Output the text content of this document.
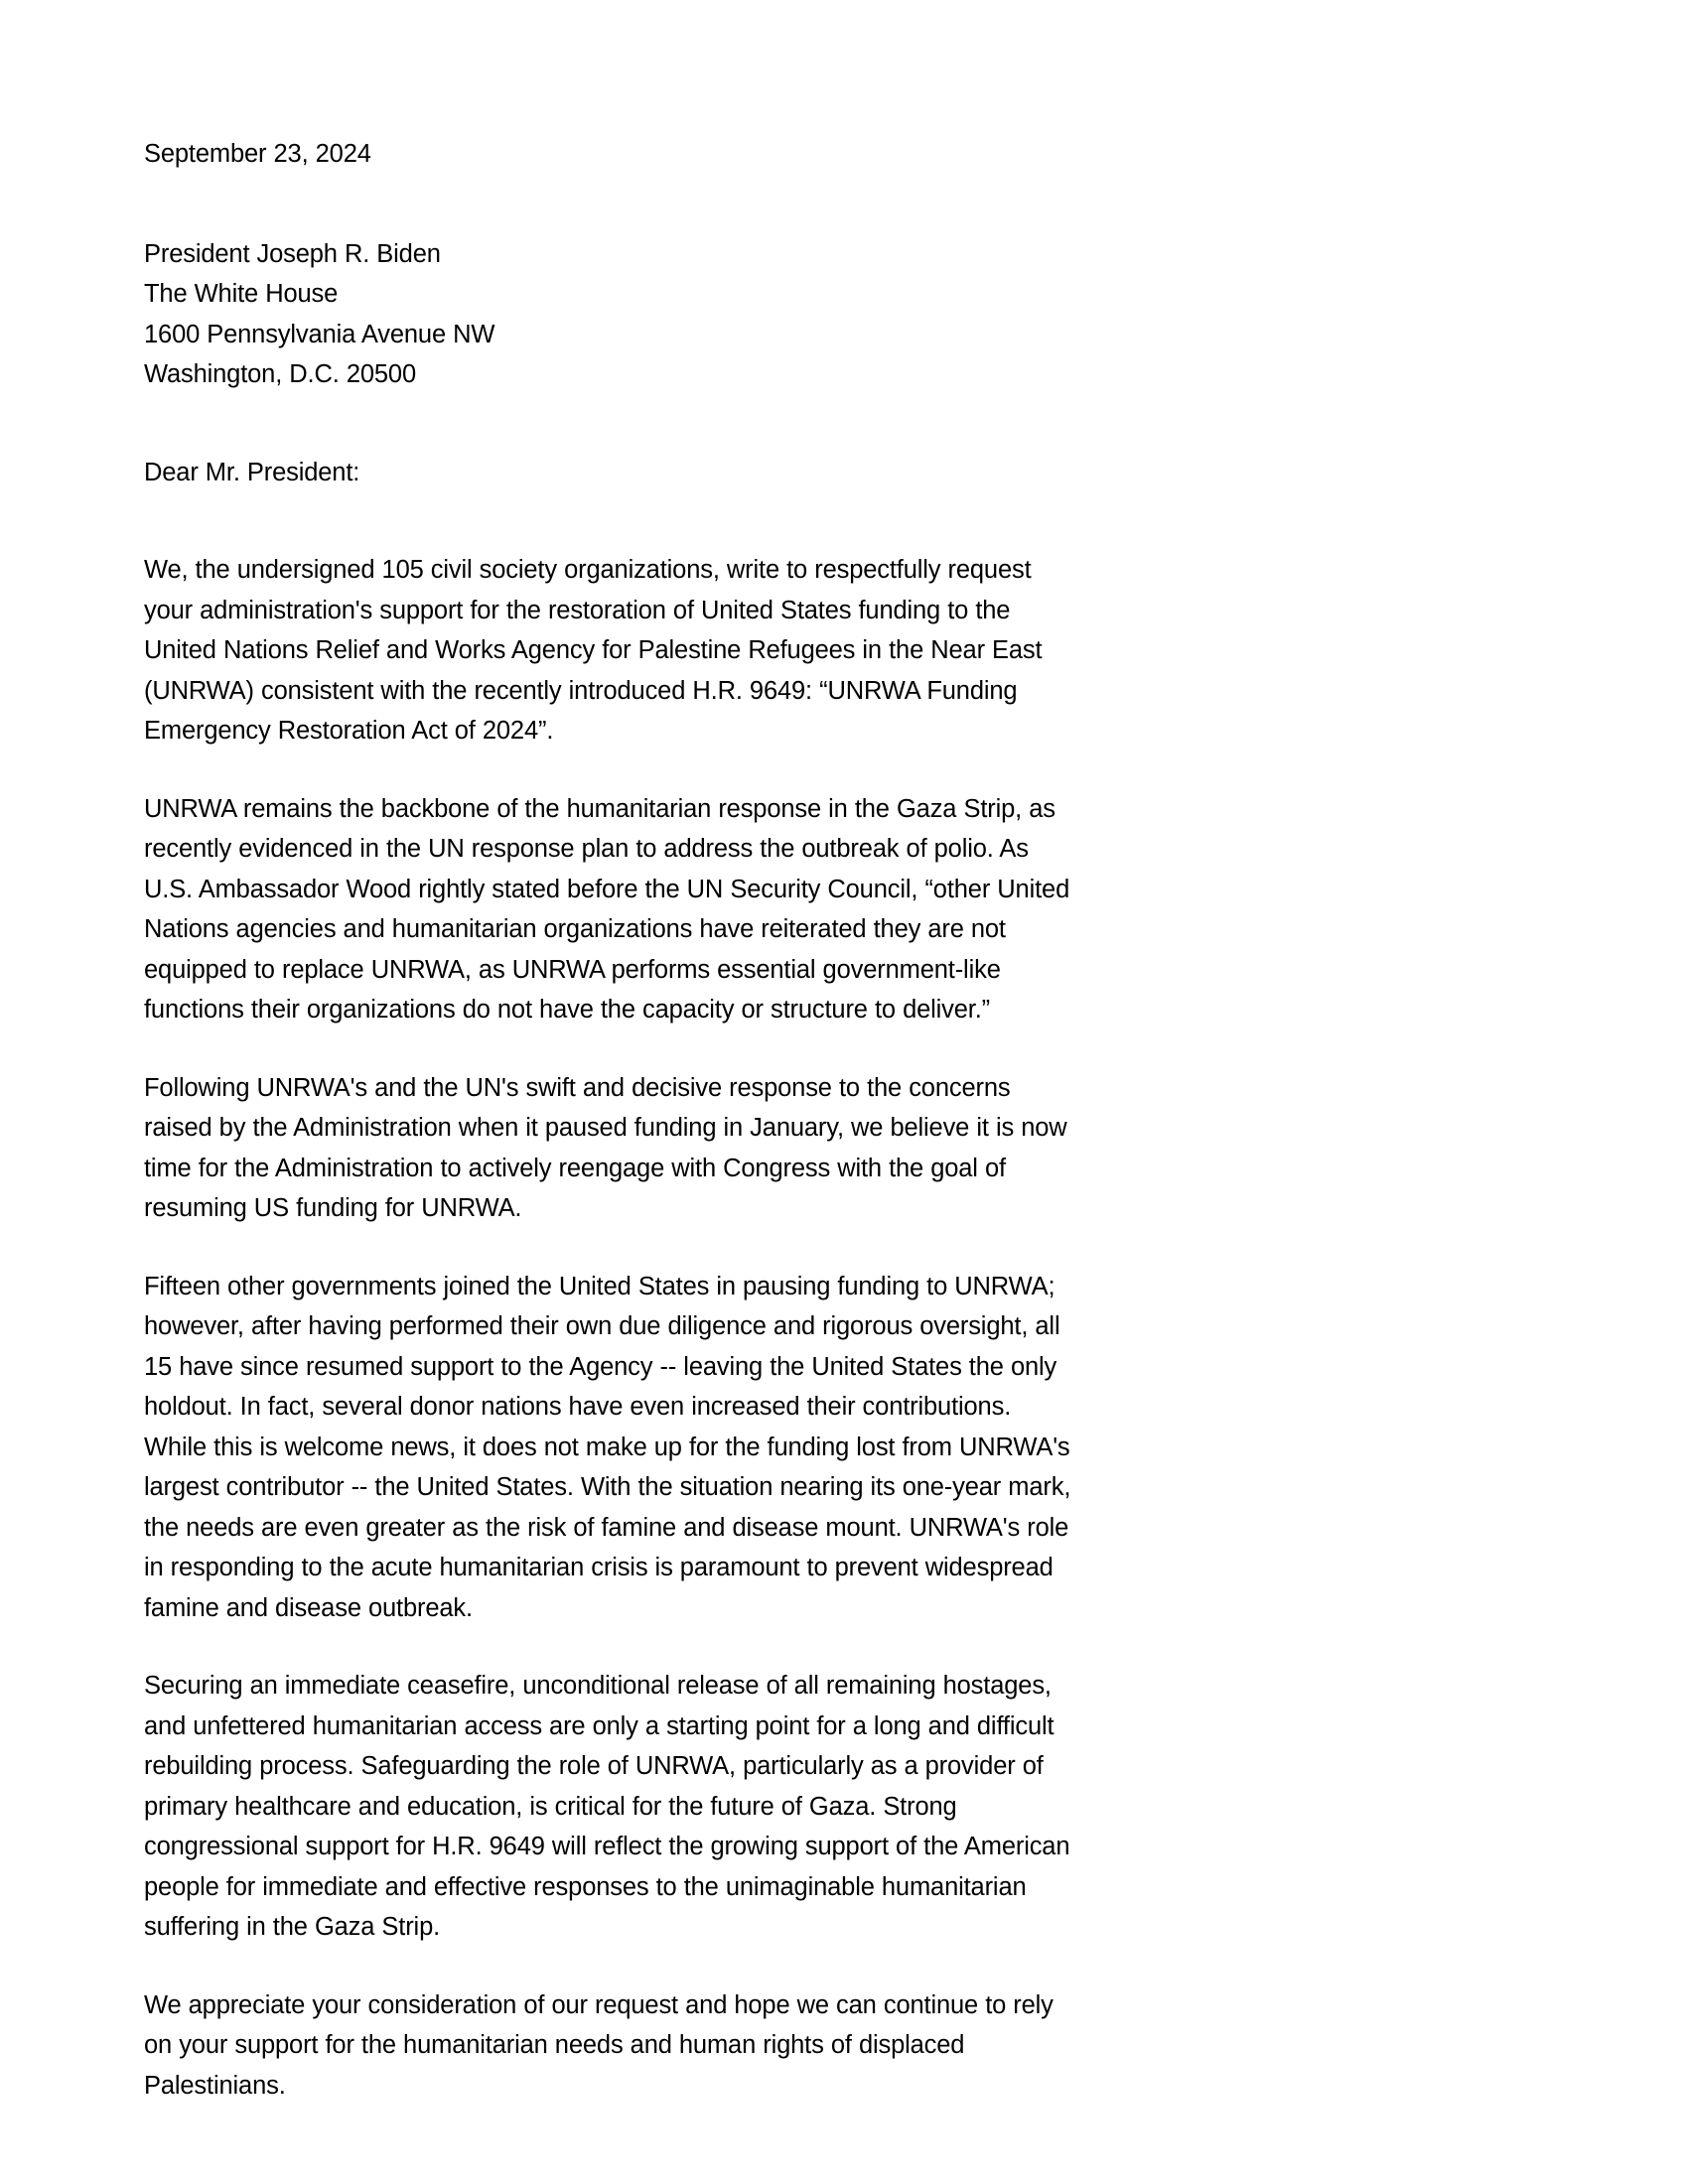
September 23, 2024
President Joseph R. Biden
The White House
1600 Pennsylvania Avenue NW
Washington, D.C. 20500
Dear Mr. President:

We, the undersigned 105 civil society organizations, write to respectfully request your administration's support for the restoration of United States funding to the United Nations Relief and Works Agency for Palestine Refugees in the Near East (UNRWA) consistent with the recently introduced H.R. 9649: “UNRWA Funding Emergency Restoration Act of 2024”.

UNRWA remains the backbone of the humanitarian response in the Gaza Strip, as recently evidenced in the UN response plan to address the outbreak of polio. As U.S. Ambassador Wood rightly stated before the UN Security Council, “other United Nations agencies and humanitarian organizations have reiterated they are not equipped to replace UNRWA, as UNRWA performs essential government-like functions their organizations do not have the capacity or structure to deliver.”

Following UNRWA's and the UN's swift and decisive response to the concerns raised by the Administration when it paused funding in January, we believe it is now time for the Administration to actively reengage with Congress with the goal of resuming US funding for UNRWA.

Fifteen other governments joined the United States in pausing funding to UNRWA; however, after having performed their own due diligence and rigorous oversight, all 15 have since resumed support to the Agency -- leaving the United States the only holdout. In fact, several donor nations have even increased their contributions. While this is welcome news, it does not make up for the funding lost from UNRWA's largest contributor -- the United States. With the situation nearing its one-year mark, the needs are even greater as the risk of famine and disease mount. UNRWA's role in responding to the acute humanitarian crisis is paramount to prevent widespread famine and disease outbreak.

Securing an immediate ceasefire, unconditional release of all remaining hostages, and unfettered humanitarian access are only a starting point for a long and difficult rebuilding process. Safeguarding the role of UNRWA, particularly as a provider of primary healthcare and education, is critical for the future of Gaza. Strong congressional support for H.R. 9649 will reflect the growing support of the American people for immediate and effective responses to the unimaginable humanitarian suffering in the Gaza Strip.

We appreciate your consideration of our request and hope we can continue to rely on your support for the humanitarian needs and human rights of displaced Palestinians.
